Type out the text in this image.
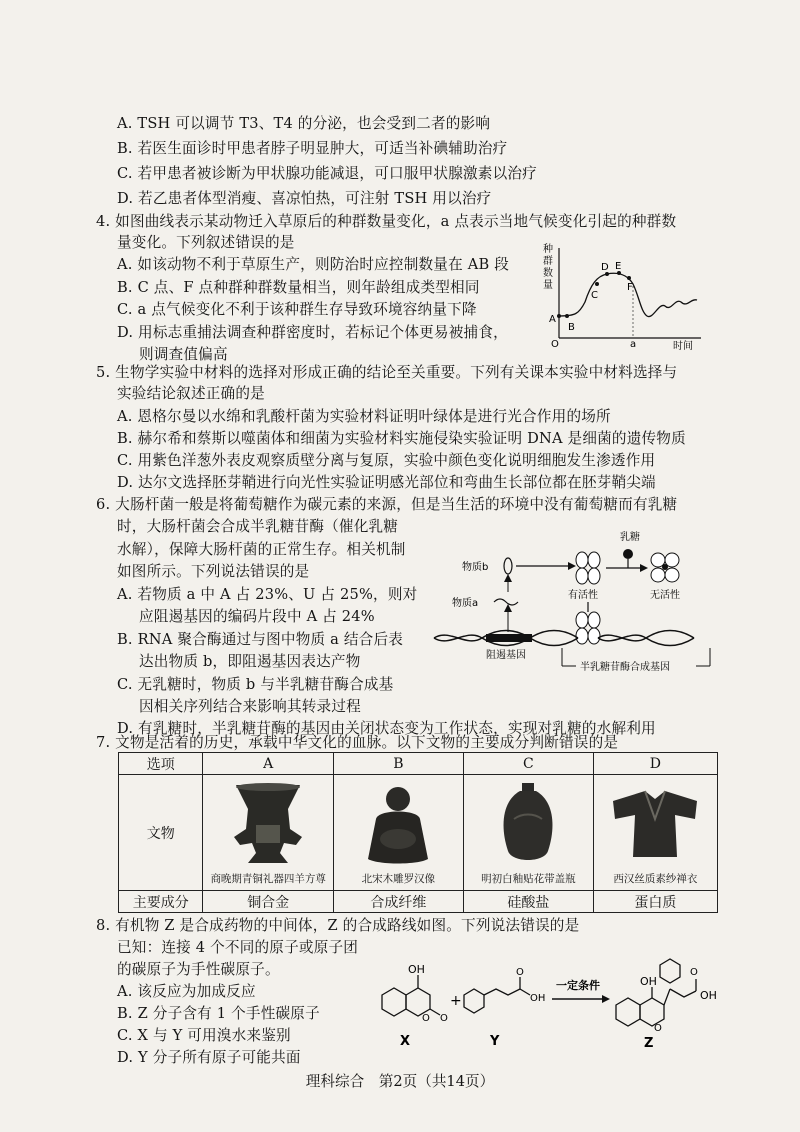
A. TSH 可以调节 T3、T4 的分泌，也会受到二者的影响
B. 若医生面诊时甲患者脖子明显肿大，可适当补碘辅助治疗
C. 若甲患者被诊断为甲状腺功能减退，可口服甲状腺激素以治疗
D. 若乙患者体型消瘦、喜凉怕热，可注射 TSH 用以治疗
4. 如图曲线表示某动物迁入草原后的种群数量变化，a 点表示当地气候变化引起的种群数
量变化。下列叙述错误的是
A. 如该动物不利于草原生产，则防治时应控制数量在 AB 段
B. C 点、F 点种群种群数量相当，则年龄组成类型相同
C. a 点气候变化不利于该种群生存导致环境容纳量下降
D. 用标志重捕法调查种群密度时，若标记个体更易被捕食，
则调查值偏高
种
群
数
量
A
B
C
D E
F
O	a	时间
5. 生物学实验中材料的选择对形成正确的结论至关重要。下列有关课本实验中材料选择与
实验结论叙述正确的是
A. 恩格尔曼以水绵和乳酸杆菌为实验材料证明叶绿体是进行光合作用的场所
B. 赫尔希和蔡斯以噬菌体和细菌为实验材料实施侵染实验证明 DNA 是细菌的遗传物质
C. 用紫色洋葱外表皮观察质壁分离与复原，实验中颜色变化说明细胞发生渗透作用
D. 达尔文选择胚芽鞘进行向光性实验证明感光部位和弯曲生长部位都在胚芽鞘尖端
6. 大肠杆菌一般是将葡萄糖作为碳元素的来源，但是当生活的环境中没有葡萄糖而有乳糖
时，大肠杆菌会合成半乳糖苷酶（催化乳糖
水解），保障大肠杆菌的正常生存。相关机制
如图所示。下列说法错误的是
A. 若物质 a 中 A 占 23%、U 占 25%，则对
应阻遏基因的编码片段中 A 占 24%
B. RNA 聚合酶通过与图中物质 a 结合后表
达出物质 b，即阻遏基因表达产物
C. 无乳糖时，物质 b 与半乳糖苷酶合成基
因相关序列结合来影响其转录过程
D. 有乳糖时，半乳糖苷酶的基因由关闭状态变为工作状态，实现对乳糖的水解利用
乳糖
物质b
有活性	无活性
物质a
阻遏基因
半乳糖苷酶合成基因
7. 文物是活着的历史，承载中华文化的血脉。以下文物的主要成分判断错误的是
选项	A	B	C	D
文物	商晚期青铜礼器四羊方尊	北宋木雕罗汉像	明初白釉贴花带盖瓶	西汉丝质素纱禅衣

主要成分	铜合金	合成纤维	硅酸盐	蛋白质
8. 有机物 Z 是合成药物的中间体，Z 的合成路线如图。下列说法错误的是
已知：连接 4 个不同的原子或原子团
的碳原子为手性碳原子。
A. 该反应为加成反应
B. Z 分子含有 1 个手性碳原子
C. X 与 Y 可用溴水来鉴别
D. Y 分子所有原子可能共面
OH
O O
X
+
O
OH
Y
一定条件	OH
O
OH
O
Z
理科综合　第2页（共14页）
